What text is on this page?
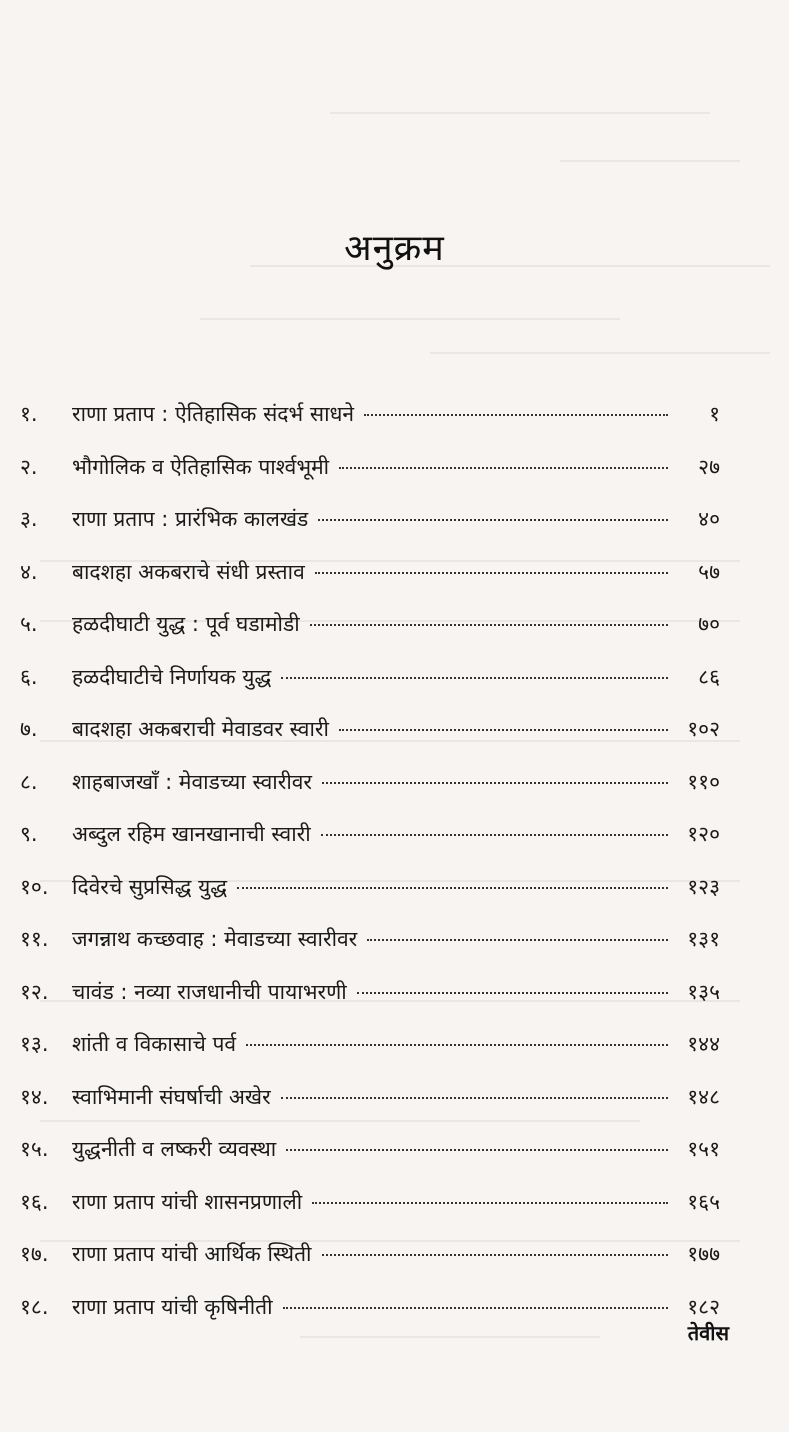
अनुक्रम
१.	राणा प्रताप : ऐतिहासिक संदर्भ साधने	१
२.	भौगोलिक व ऐतिहासिक पार्श्वभूमी	२७
३.	राणा प्रताप : प्रारंभिक कालखंड	४०
४.	बादशहा अकबराचे संधी प्रस्ताव	५७
५.	हळदीघाटी युद्ध : पूर्व घडामोडी	७०
६.	हळदीघाटीचे निर्णायक युद्ध	८६
७.	बादशहा अकबराची मेवाडवर स्वारी	१०२
८.	शाहबाजखाँ : मेवाडच्या स्वारीवर	११०
९.	अब्दुल रहिम खानखानाची स्वारी	१२०
१०.	दिवेरचे सुप्रसिद्ध युद्ध	१२३
११.	जगन्नाथ कच्छवाह : मेवाडच्या स्वारीवर	१३१
१२.	चावंड : नव्या राजधानीची पायाभरणी	१३५
१३.	शांती व विकासाचे पर्व	१४४
१४.	स्वाभिमानी संघर्षाची अखेर	१४८
१५.	युद्धनीती व लष्करी व्यवस्था	१५१
१६.	राणा प्रताप यांची शासनप्रणाली	१६५
१७.	राणा प्रताप यांची आर्थिक स्थिती	१७७
१८.	राणा प्रताप यांची कृषिनीती	१८२
तेवीस
